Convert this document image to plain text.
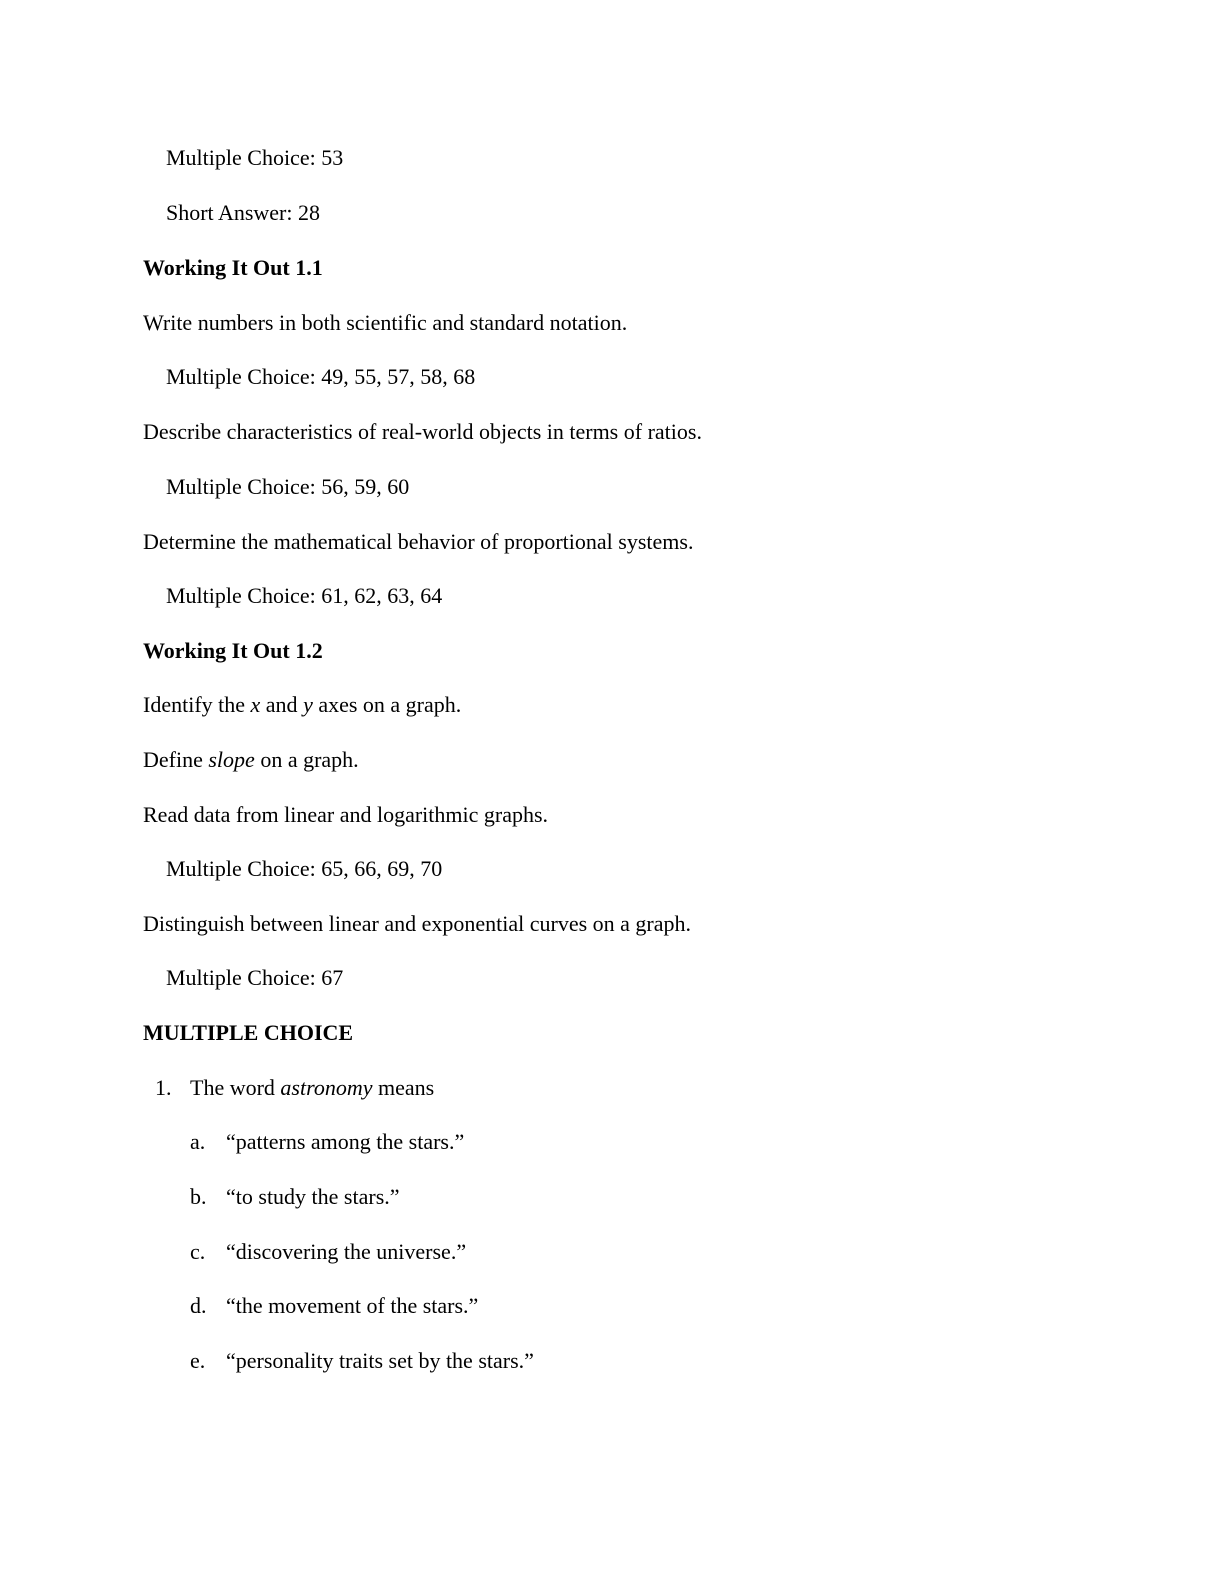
Multiple Choice: 53
Short Answer: 28
Working It Out 1.1
Write numbers in both scientific and standard notation.
Multiple Choice: 49, 55, 57, 58, 68
Describe characteristics of real-world objects in terms of ratios.
Multiple Choice: 56, 59, 60
Determine the mathematical behavior of proportional systems.
Multiple Choice: 61, 62, 63, 64
Working It Out 1.2
Identify the x and y axes on a graph.
Define slope on a graph.
Read data from linear and logarithmic graphs.
Multiple Choice: 65, 66, 69, 70
Distinguish between linear and exponential curves on a graph.
Multiple Choice: 67
MULTIPLE CHOICE
1. The word astronomy means
a. “patterns among the stars.”
b. “to study the stars.”
c. “discovering the universe.”
d. “the movement of the stars.”
e. “personality traits set by the stars.”
